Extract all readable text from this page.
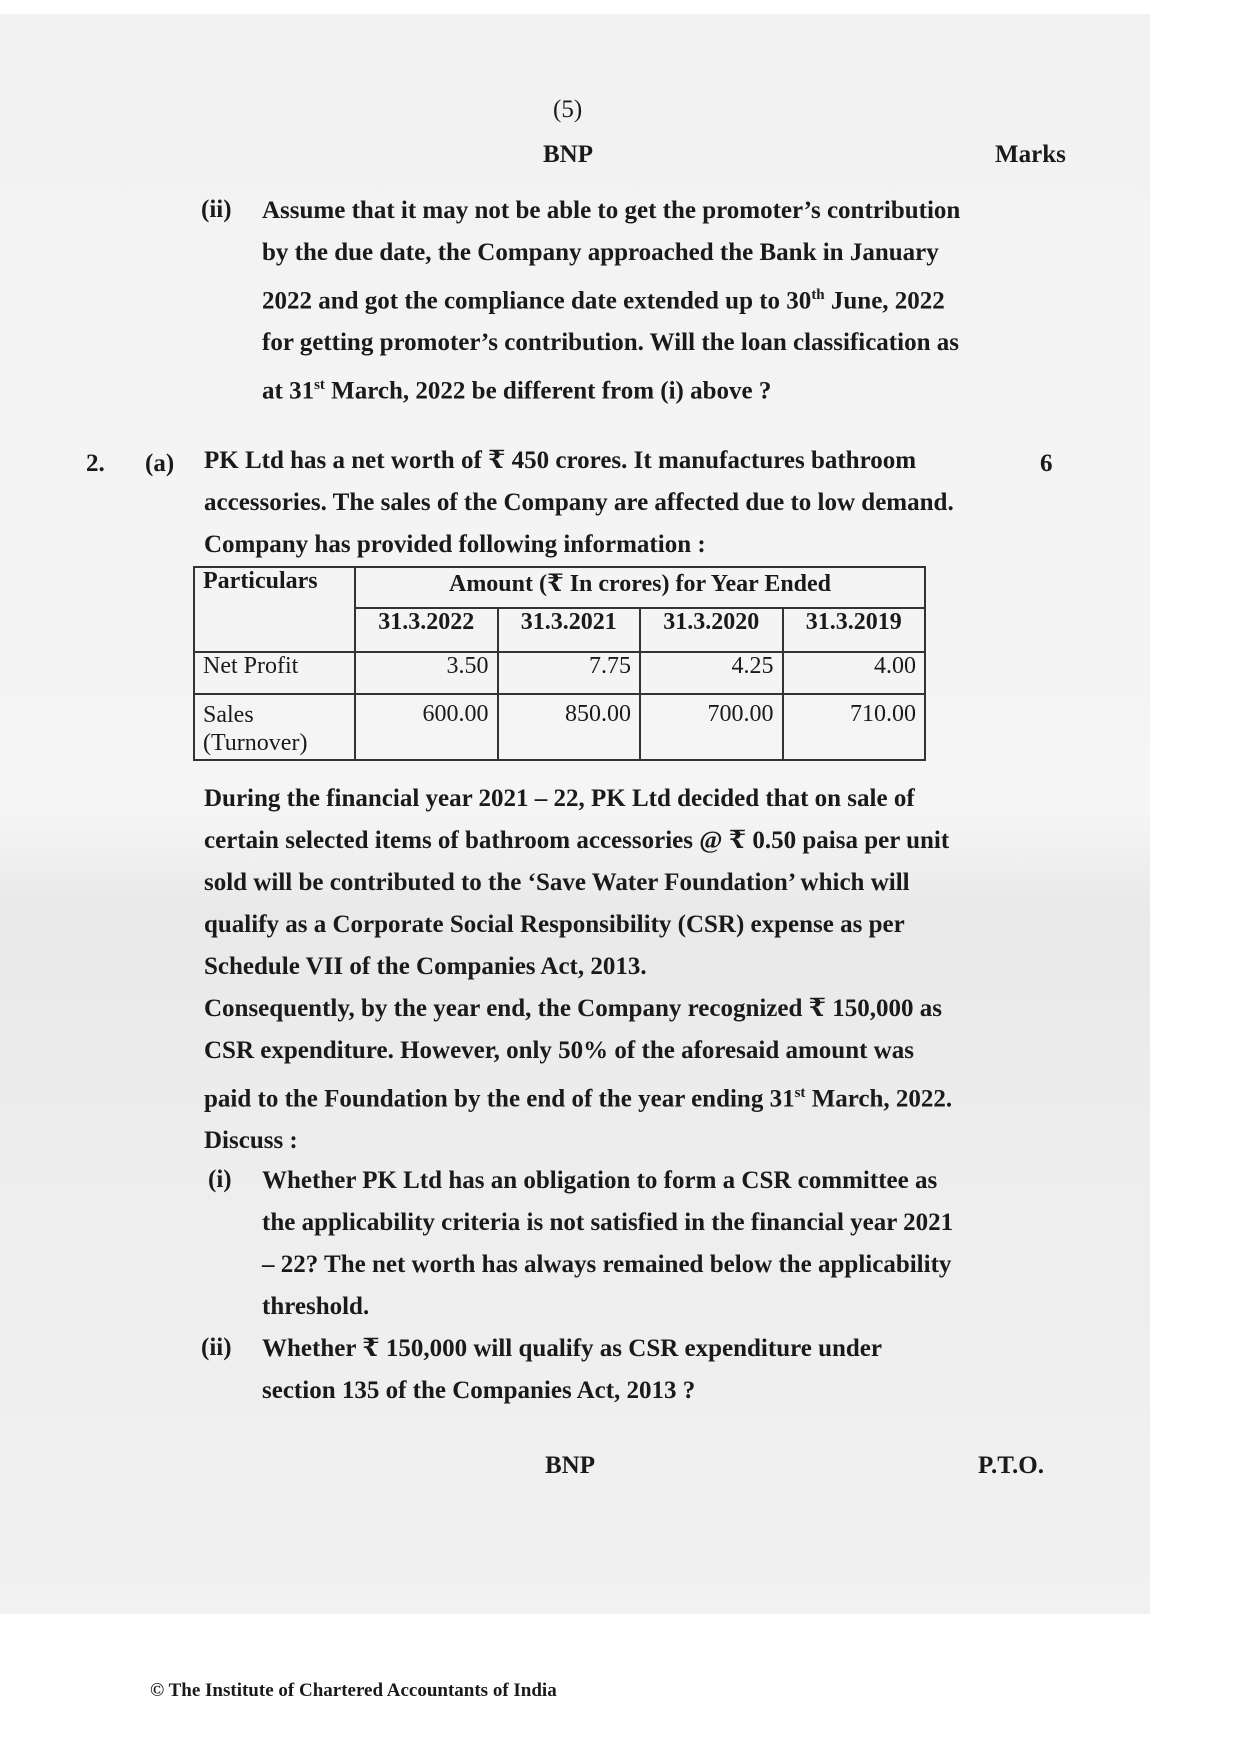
(5)
BNP	Marks
(ii) Assume that it may not be able to get the promoter’s contribution
by the due date, the Company approached the Bank in January
2022 and got the compliance date extended up to 30th June, 2022
for getting promoter’s contribution. Will the loan classification as
at 31st March, 2022 be different from (i) above ?
2. (a)	6
PK Ltd has a net worth of ₹ 450 crores. It manufactures bathroom
accessories. The sales of the Company are affected due to low demand.
Company has provided following information :
Particulars	Amount (₹ In crores) for Year Ended			
	31.3.2022	31.3.2021	31.3.2020	31.3.2019
Net Profit	3.50	7.75	4.25	4.00
Sales (Turnover)	600.00	850.00	700.00	710.00
During the financial year 2021 – 22, PK Ltd decided that on sale of
certain selected items of bathroom accessories @ ₹ 0.50 paisa per unit
sold will be contributed to the ‘Save Water Foundation’ which will
qualify as a Corporate Social Responsibility (CSR) expense as per
Schedule VII of the Companies Act, 2013.
Consequently, by the year end, the Company recognized ₹ 150,000 as
CSR expenditure. However, only 50% of the aforesaid amount was
paid to the Foundation by the end of the year ending 31st March, 2022.
Discuss :
(i) Whether PK Ltd has an obligation to form a CSR committee as
the applicability criteria is not satisfied in the financial year 2021
– 22? The net worth has always remained below the applicability
threshold.
(ii) Whether ₹ 150,000 will qualify as CSR expenditure under
section 135 of the Companies Act, 2013 ?
BNP	P.T.O.
© The Institute of Chartered Accountants of India
